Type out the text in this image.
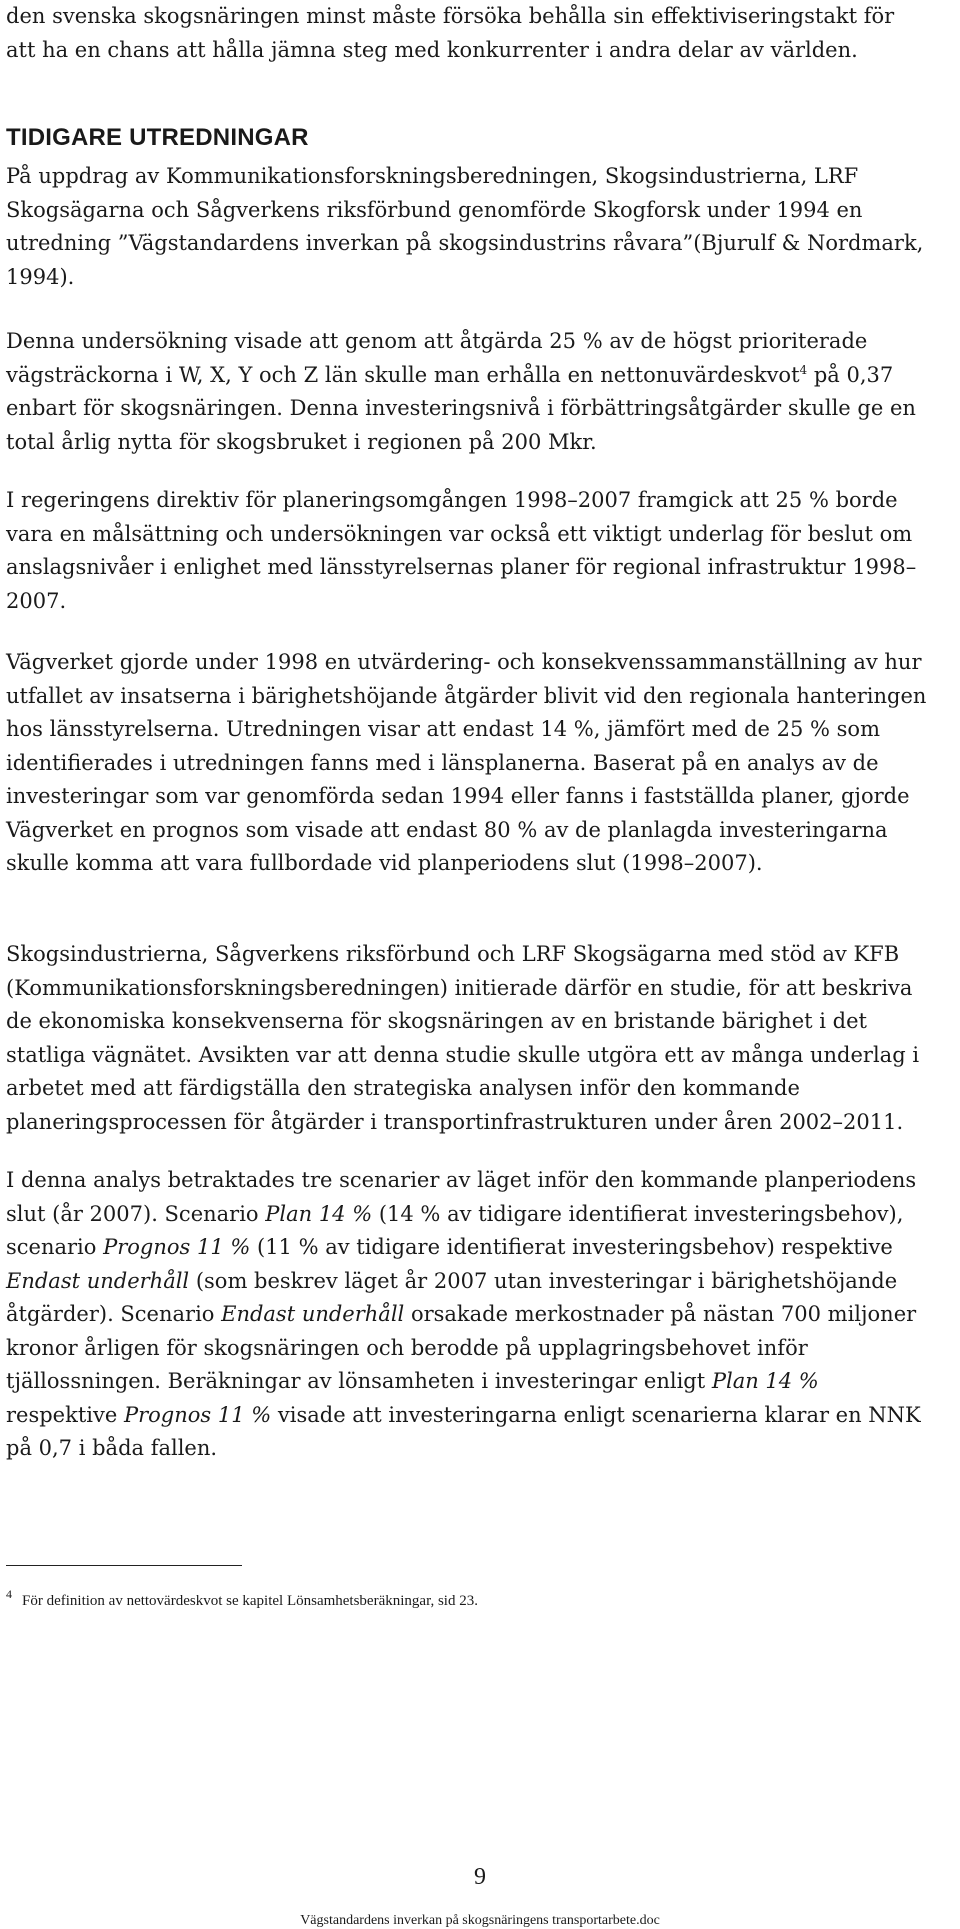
den svenska skogsnäringen minst måste försöka behålla sin effektiviseringstakt för att ha en chans att hålla jämna steg med konkurrenter i andra delar av världen.

TIDIGARE UTREDNINGAR

På uppdrag av Kommunikationsforskningsberedningen, Skogsindustrierna, LRF Skogsägarna och Sågverkens riksförbund genomförde Skogforsk under 1994 en utredning ”Vägstandardens inverkan på skogsindustrins råvara”(Bjurulf & Nordmark, 1994).

Denna undersökning visade att genom att åtgärda 25 % av de högst prioriterade vägsträckorna i W, X, Y och Z län skulle man erhålla en nettonuvärdeskvot$^4$ på 0,37 enbart för skogsnäringen. Denna investeringsnivå i förbättringsåtgärder skulle ge en total årlig nytta för skogsbruket i regionen på 200 Mkr.

I regeringens direktiv för planeringsomgången 1998–2007 framgick att 25 % borde vara en målsättning och undersökningen var också ett viktigt underlag för beslut om anslagsnivåer i enlighet med länsstyrelsernas planer för regional infrastruktur 1998–2007.

Vägverket gjorde under 1998 en utvärdering- och konsekvenssammanställning av hur utfallet av insatserna i bärighetshöjande åtgärder blivit vid den regionala hanteringen hos länsstyrelserna. Utredningen visar att endast 14 %, jämfört med de 25 % som identifierades i utredningen fanns med i länsplanerna. Baserat på en analys av de investeringar som var genomförda sedan 1994 eller fanns i fastställda planer, gjorde Vägverket en prognos som visade att endast 80 % av de planlagda investeringarna skulle komma att vara fullbordade vid planperiodens slut (1998–2007).

Skogsindustrierna, Sågverkens riksförbund och LRF Skogsägarna med stöd av KFB (Kommunikationsforskningsberedningen) initierade därför en studie, för att beskriva de ekonomiska konsekvenserna för skogsnäringen av en bristande bärighet i det statliga vägnätet. Avsikten var att denna studie skulle utgöra ett av många underlag i arbetet med att färdigställa den strategiska analysen inför den kommande planeringsprocessen för åtgärder i transportinfrastrukturen under åren 2002–2011.

I denna analys betraktades tre scenarier av läget inför den kommande planperiodens slut (år 2007). Scenario Plan 14 % (14 % av tidigare identifierat investeringsbehov), scenario Prognos 11 % (11 % av tidigare identifierat investeringsbehov) respektive Endast underhåll (som beskrev läget år 2007 utan investeringar i bärighetshöjande åtgärder). Scenario Endast underhåll orsakade merkostnader på nästan 700 miljoner kronor årligen för skogsnäringen och berodde på upplagringsbehovet inför tjällossningen. Beräkningar av lönsamheten i investeringar enligt Plan 14 % respektive Prognos 11 % visade att investeringarna enligt scenarierna klarar en NNK på 0,7 i båda fallen.

$^4$ För definition av nettovärdeskvot se kapitel Lönsamhetsberäkningar, sid 23.

9

Vägstandardens inverkan på skogsnäringens transportarbete.doc
